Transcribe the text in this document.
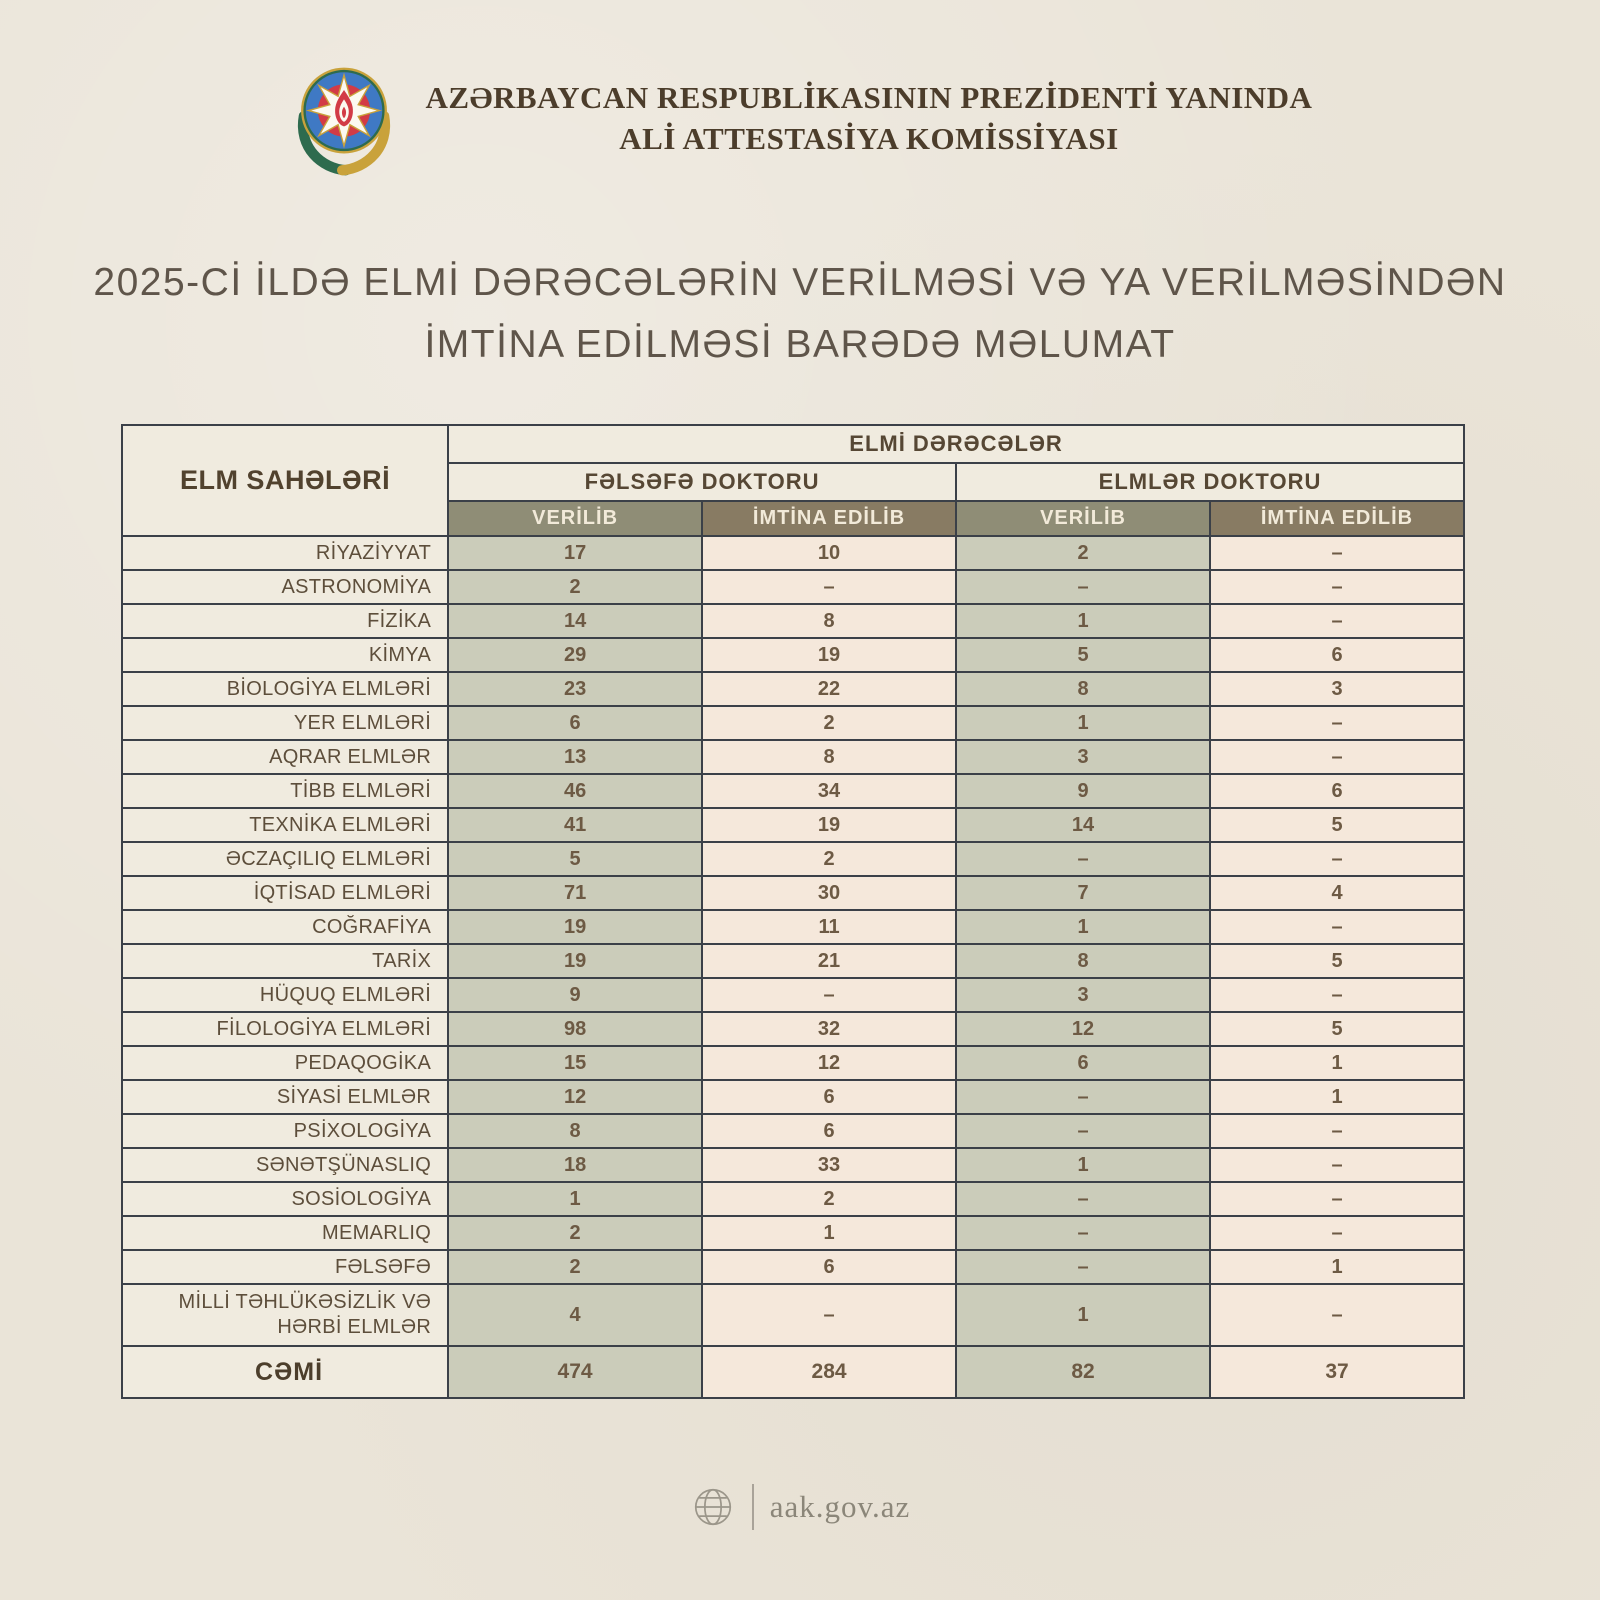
AZƏRBAYCAN RESPUBLİKASININ PREZİDENTİ YANINDA
ALİ ATTESTASİYA KOMİSSİYASI
2025-Cİ İLDƏ ELMİ DƏRƏCƏLƏRİN VERİLMƏSİ VƏ YA VERİLMƏSİNDƏN
İMTİNA EDİLMƏSİ BARƏDƏ MƏLUMAT
ELM SAHƏLƏRİ	ELMİ DƏRƏCƏLƏR			
	FƏLSƏFƏ DOKTORU		ELMLƏR DOKTORU	
	VERİLİB	İMTİNA EDİLİB	VERİLİB	İMTİNA EDİLİB
RİYAZİYYAT	17	10	2	–
ASTRONOMİYA	2	–	–	–
FİZİKA	14	8	1	–
KİMYA	29	19	5	6
BİOLOGİYA ELMLƏRİ	23	22	8	3
YER ELMLƏRİ	6	2	1	–
AQRAR ELMLƏR	13	8	3	–
TİBB ELMLƏRİ	46	34	9	6
TEXNİKA ELMLƏRİ	41	19	14	5
ƏCZAÇILIQ ELMLƏRİ	5	2	–	–
İQTİSAD ELMLƏRİ	71	30	7	4
COĞRAFİYA	19	11	1	–
TARİX	19	21	8	5
HÜQUQ ELMLƏRİ	9	–	3	–
FİLOLOGİYA ELMLƏRİ	98	32	12	5
PEDAQOGİKA	15	12	6	1
SİYASİ ELMLƏR	12	6	–	1
PSİXOLOGİYA	8	6	–	–
SƏNƏTŞÜNASLIQ	18	33	1	–
SOSİOLOGİYA	1	2	–	–
MEMARLIQ	2	1	–	–
FƏLSƏFƏ	2	6	–	1
MİLLİ TƏHLÜKƏSİZLİK VƏ HƏRBİ ELMLƏR	4	–	1	–
CƏMİ	474	284	82	37
aak.gov.az
